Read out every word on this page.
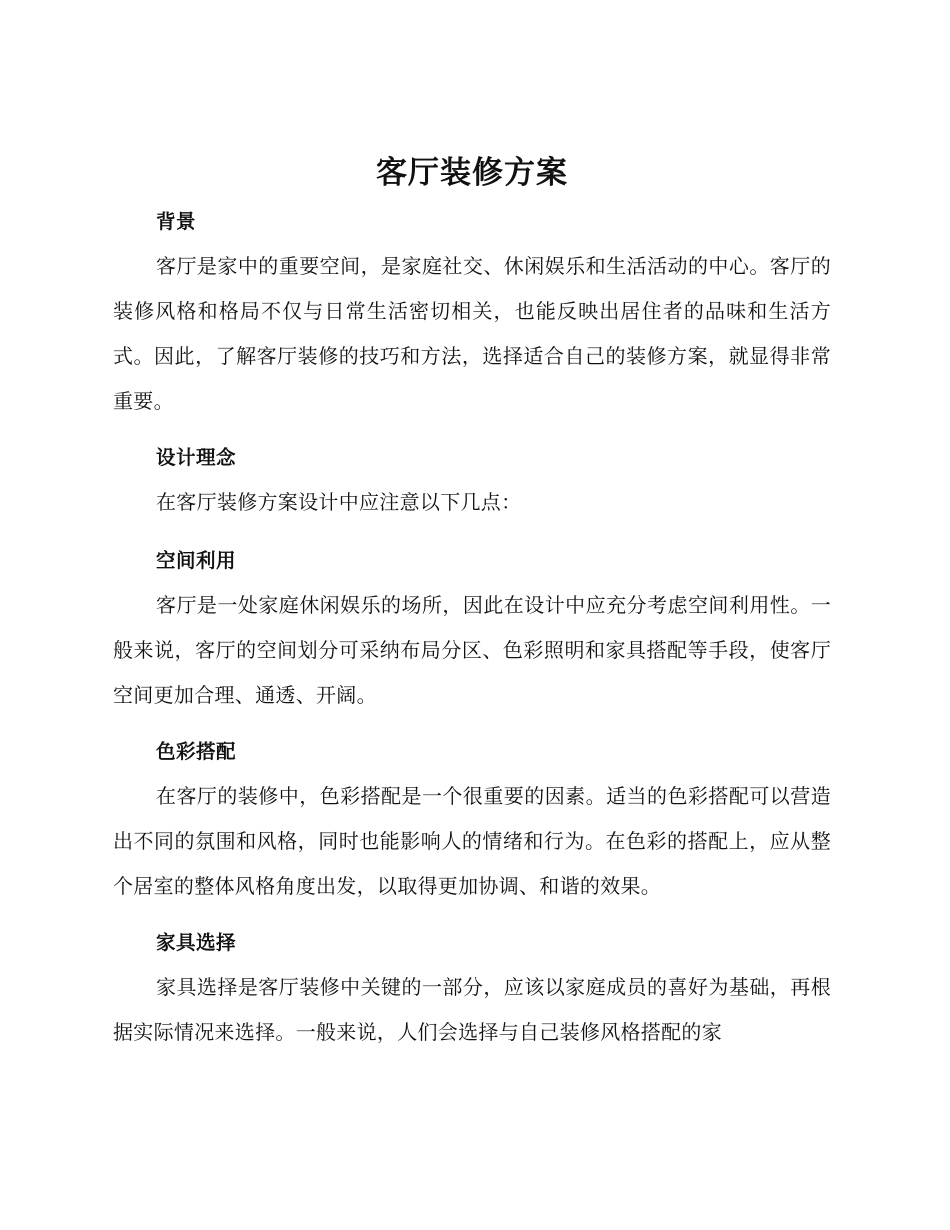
客厅装修方案
背景

客厅是家中的重要空间，是家庭社交、休闲娱乐和生活活动的中心。客厅的装修风格和格局不仅与日常生活密切相关，也能反映出居住者的品味和生活方式。因此，了解客厅装修的技巧和方法，选择适合自己的装修方案，就显得非常重要。

设计理念

在客厅装修方案设计中应注意以下几点：

空间利用

客厅是一处家庭休闲娱乐的场所，因此在设计中应充分考虑空间利用性。一般来说，客厅的空间划分可采纳布局分区、色彩照明和家具搭配等手段，使客厅空间更加合理、通透、开阔。

色彩搭配

在客厅的装修中，色彩搭配是一个很重要的因素。适当的色彩搭配可以营造出不同的氛围和风格，同时也能影响人的情绪和行为。在色彩的搭配上，应从整个居室的整体风格角度出发，以取得更加协调、和谐的效果。

家具选择

家具选择是客厅装修中关键的一部分，应该以家庭成员的喜好为基础，再根据实际情况来选择。一般来说，人们会选择与自己装修风格搭配的家
